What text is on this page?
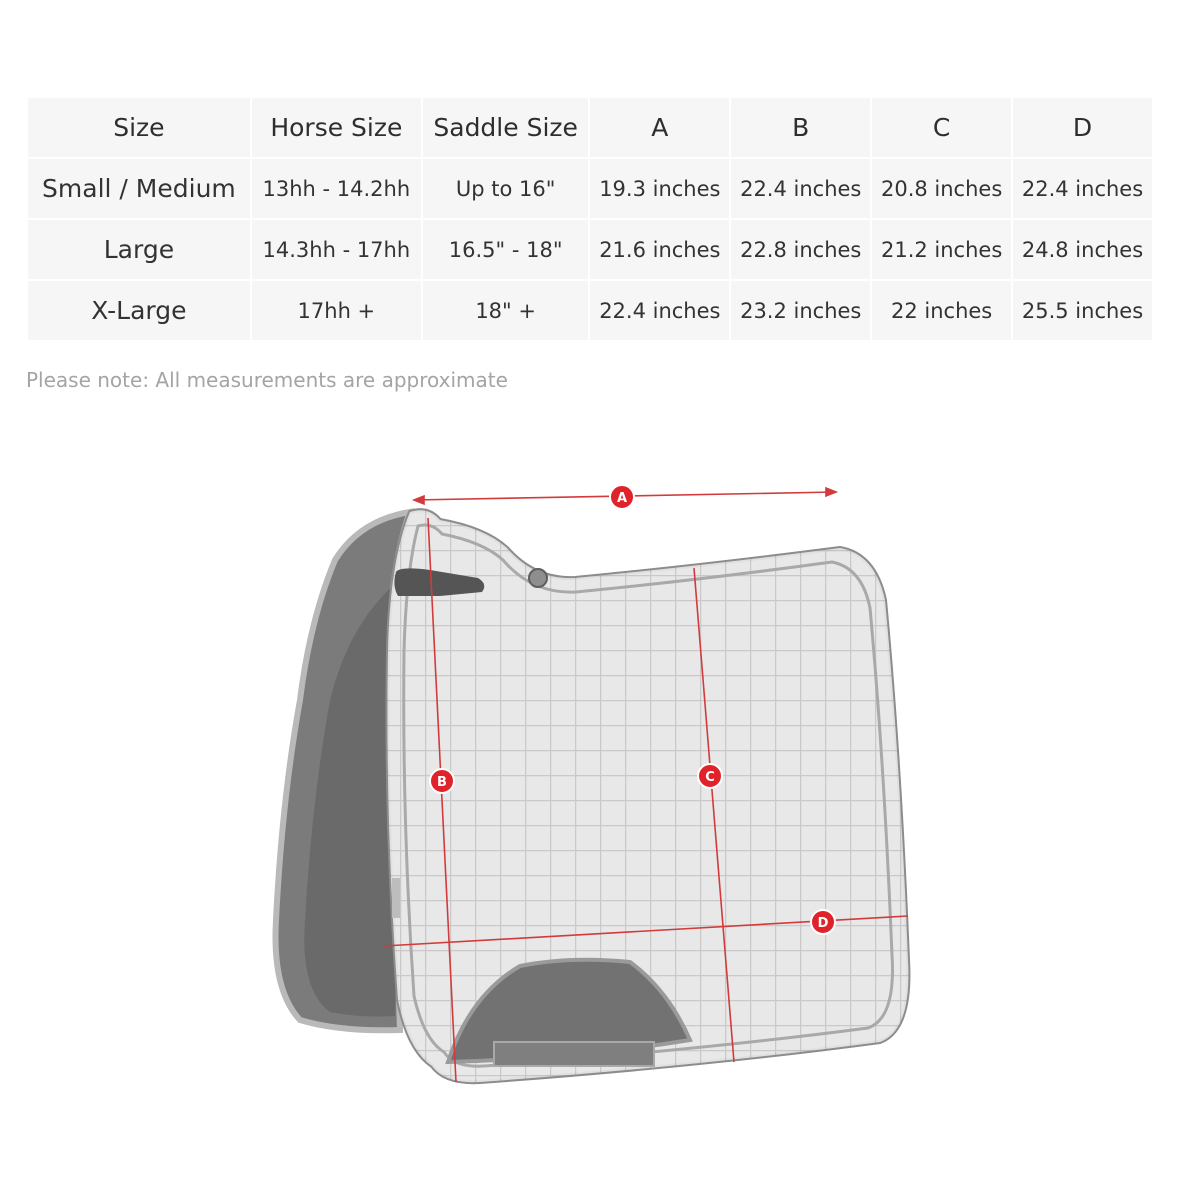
Size	Horse Size	Saddle Size	A	B	C	D
Small / Medium	13hh - 14.2hh	Up to 16"	19.3 inches	22.4 inches	20.8 inches	22.4 inches
Large	14.3hh - 17hh	16.5" - 18"	21.6 inches	22.8 inches	21.2 inches	24.8 inches
X-Large	17hh +	18" +	22.4 inches	23.2 inches	22 inches	25.5 inches
Please note: All measurements are approximate
A
B	C
D
